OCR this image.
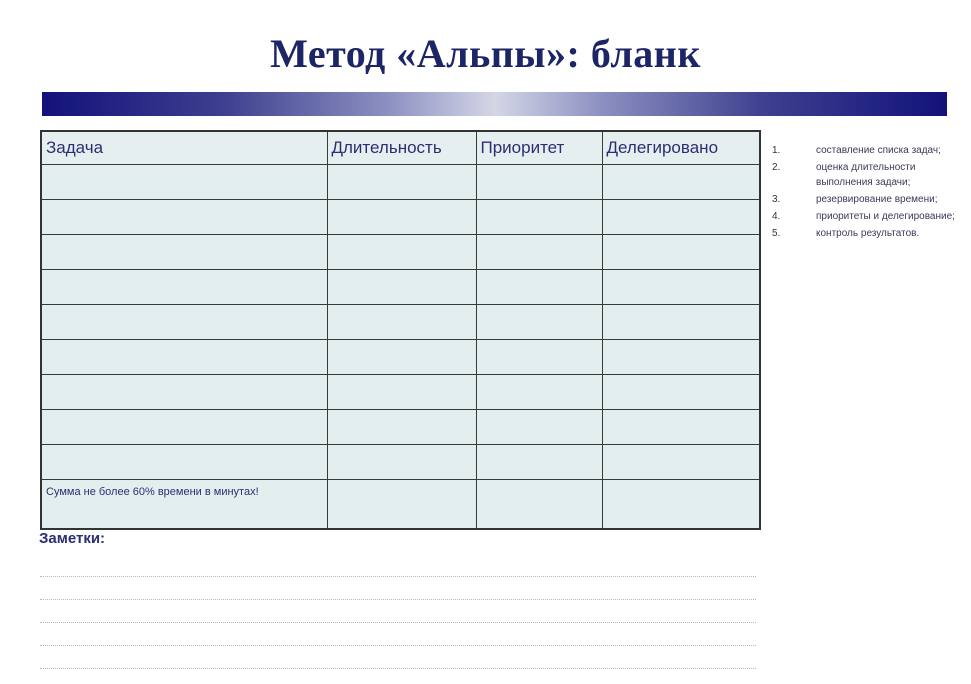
Метод «Альпы»: бланк
Задача	Длительность	Приоритет	Делегировано

Сумма не более 60% времени в минутах!			
1.	составление списка задач;
2.	оценка длительности выполнения задачи;
3.	резервирование времени;
4.	приоритеты и делегирование;
5.	контроль результатов.
Заметки:
